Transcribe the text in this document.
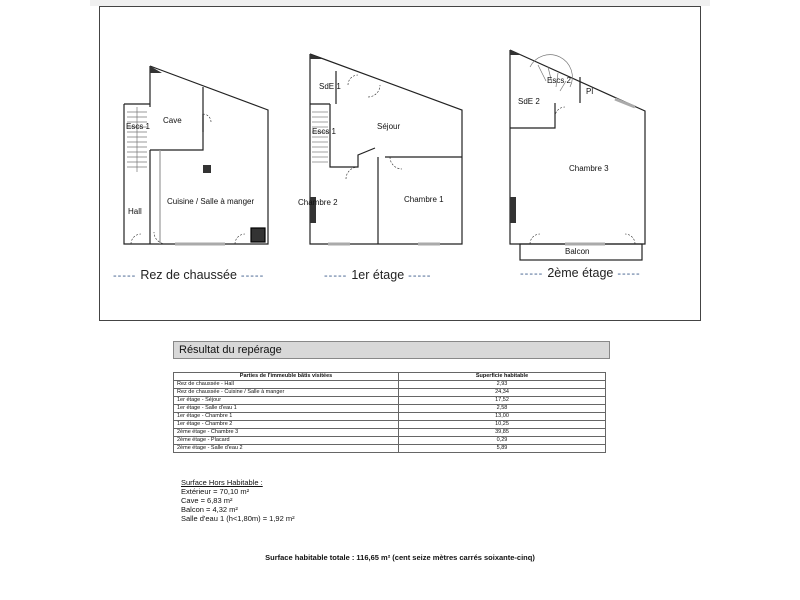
Escs 1
Cave
Hall
Cuisine / Salle à manger
SdE 1
Escs 1
Séjour
Chambre 2	Chambre 1
Escs 2
Pl
SdE 2
Chambre 3
Balcon
----- Rez de chaussée -----	----- 1er étage -----	----- 2ème étage -----
Résultat du repérage
Parties de l'immeuble bâtis visitées	Superficie habitable
Rez de chaussée - Hall	2,93
Rez de chaussée - Cuisine / Salle à manger	24,34
1er étage - Séjour	17,52
1er étage - Salle d'eau 1	2,58
1er étage - Chambre 1	13,00
1er étage - Chambre 2	10,25
2ème étage - Chambre 3	39,85
2ème étage - Placard	0,29
2ème étage - Salle d'eau 2	5,89
Surface Hors Habitable :
Extérieur = 70,10 m²
Cave = 6,83 m²
Balcon = 4,32 m²
Salle d'eau 1 (h<1,80m) = 1,92 m²
Surface habitable totale : 116,65 m² (cent seize mètres carrés soixante-cinq)
